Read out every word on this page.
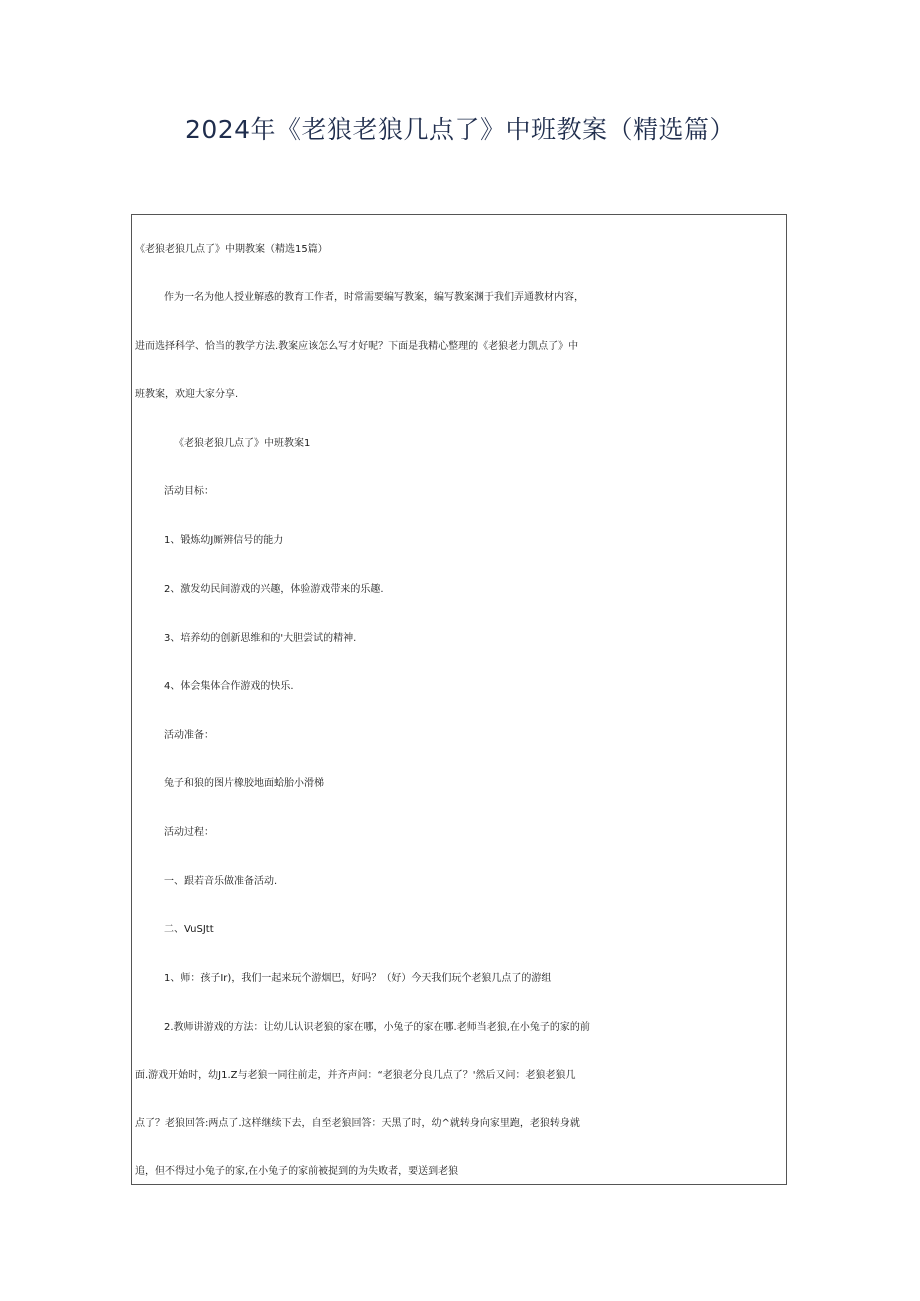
2024年《老狼老狼几点了》中班教案（精选篇）
《老狼老狼几点了》中期教案（精选15篇）
作为一名为他人授业解惑的教育工作者，时常需要编写教案，编写教案渊于我们弄通教材内容，
进而选择科学、恰当的教学方法.教案应该怎么写才好呢？下面是我精心整理的《老狼老力凯点了》中
班教案，欢迎大家分享.
《老狼老狼几点了》中班教案1
活动目标：
1、锻炼幼J厮辨信号的能力
2、激发幼民间游戏的兴趣，体验游戏带来的乐趣.
3、培养幼的创新思维和的'大胆尝试的精神.
4、体会集体合作游戏的快乐.
活动准备：
兔子和狼的图片橡胶地面蛤胎小滑梯
活动过程：
一、跟若音乐做准备活动.
二、VuSJtt
1、师：孩子Ir)，我们一起来玩个游烟巴，好吗？（好）今天我们玩个老狼几点了的游组
2.教师讲游戏的方法：让幼儿认识老狼的家在哪，小兔子的家在哪.老师当老狼,在小兔子的家的前
面.游戏开始时，幼J1.Z与老狼一同往前走，并齐声问：“老狼老分良几点了？'然后又问：老狼老狼几
点了？老狼回答:两点了.这样继续下去，自至老狼回答：天黑了时，幼^就转身向家里跑，老狼转身就
追，但不得过小兔子的家,在小兔子的家前被捉到的为失败者，要送到老狼
